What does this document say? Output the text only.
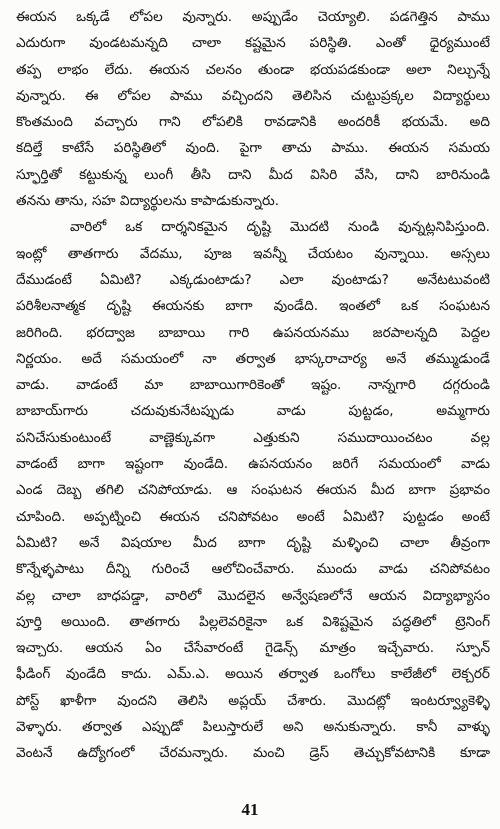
ఈయన ఒక్కడే లోపల వున్నారు. అప్పుడేం చెయ్యాలి. పడగెత్తిన పాము
ఎదురుగా వుండటమన్నది చాలా కష్టమైన పరిస్థితి. ఎంతో ధైర్యముంటే
తప్ప లాభం లేదు. ఈయన చలనం తుండా భయపడకుండా అలా నిల్చున్నే
వున్నారు. ఈ లోపల పాము వచ్చిందని తెలిసిన చుట్టుప్రక్కల విద్యార్థులు
కొంతమంది వచ్చారు గాని లోపలికి రావడానికి అందరికీ భయమే. అది
కదిల్తే కాటేసే పరిస్థితిలో వుంది. పైగా తాచు పాము. ఈయన సమయ
స్ఫూర్తితో కట్టుకున్న లుంగీ తీసి దాని మీద విసిరి వేసి, దాని బారినుండి
తనను తాను, సహ విద్యార్థులను కాపాడుకున్నారు.
వారిలో ఒక దార్శనికమైన దృష్టి మొదటి నుండి వున్నట్లనిపిస్తుంది.
ఇంట్లో తాతగారు వేదము, పూజ ఇవన్నీ చేయటం వున్నాయి. అస్సలు
దేముడంటే ఏమిటి? ఎక్కడుంటాడు? ఎలా వుంటాడు? అనేటటువంటి
పరిశీలనాత్మక దృష్టి ఈయనకు బాగా వుండేది. ఇంతలో ఒక సంఘటన
జరిగింది. భరద్వాజ బాబాయి గారి ఉపనయనము జరపాలన్నది పెద్దల
నిర్ణయం. అదే సమయంలో నా తర్వాత భాస్కరాచార్య అనే తమ్ముడుండే
వాడు. వాడంటే మా బాబాయిగారికెంతో ఇష్టం. నాన్నగారి దగ్గరుండి
బాబాయ్‌గారు చదువుకునేటప్పుడు వాడు పుట్టడం, అమ్మగారు
పనిచేసుకుంటుంటే వాణ్ణెక్కువగా ఎత్తుకుని సముదాయించటం వల్ల
వాడంటే బాగా ఇష్టంగా వుండేది. ఉపనయనం జరిగే సమయంలో వాడు
ఎండ దెబ్బ తగిలి చనిపోయాడు. ఆ సంఘటన ఈయన మీద బాగా ప్రభావం
చూపింది. అప్పట్నించి ఈయన చనిపోవటం అంటే ఏమిటి? పుట్టడం అంటే
ఏమిటి? అనే విషయాల మీద బాగా దృష్టి మళ్ళించి చాలా తీవ్రంగా
కొన్నేళ్ళపాటు దీన్ని గురించే ఆలోచించేవారు. ముందు వాడు చనిపోవటం
వల్ల చాలా బాధపడ్డా, వారిలో మొదలైన అన్వేషణలోనే ఆయన విద్యాభ్యాసం
పూర్తి అయింది. తాతగారు పిల్లలెవరికైనా ఒక విశిష్టమైన పద్ధతిలో ట్రెనింగ్
ఇచ్చారు. ఆయన ఏం చేసేవారంటే గైడెన్స్ మాత్రం ఇచ్చేవారు. స్పూన్
ఫీడింగ్ వుండేది కాదు. ఎమ్.ఎ. అయిన తర్వాత ఒంగోలు కాలేజీలో లెక్చరర్
పోస్ట్ ఖాళీగా వుందని తెలిసి అప్లయ్ చేశారు. మొదట్లో ఇంటర్వ్యూకెళ్ళి
వెళ్ళారు. తర్వాత ఎప్పుడో పిలుస్తారులే అని అనుకున్నారు. కానీ వాళ్ళు
వెంటనే ఉద్యోగంలో చేరమన్నారు. మంచి డ్రెస్ తెచ్చుకోవటానికి కూడా
41
